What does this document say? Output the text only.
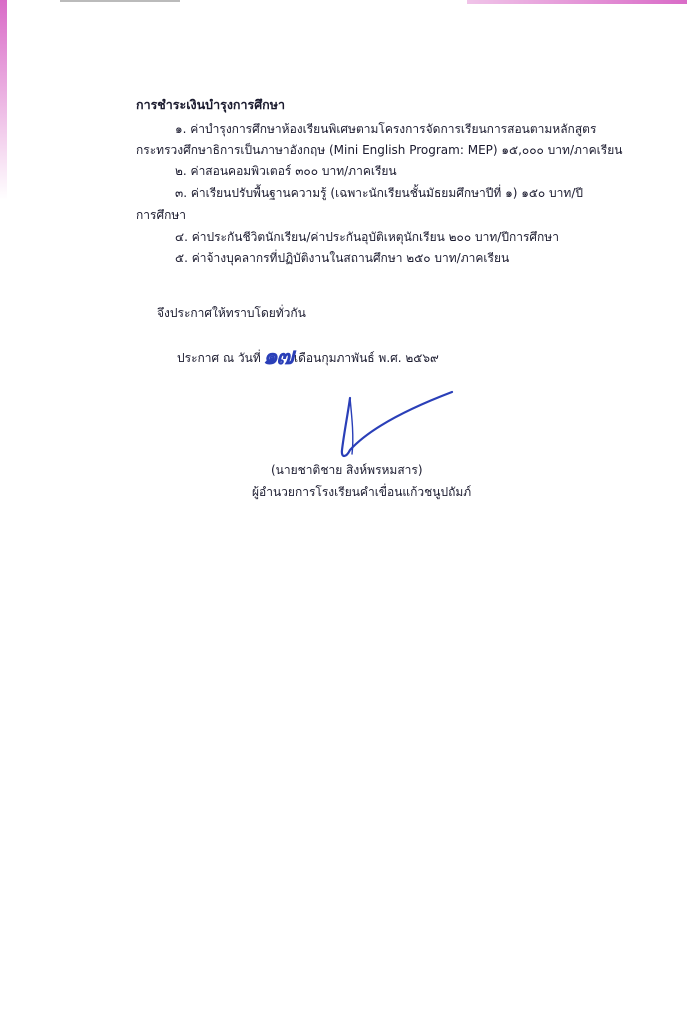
การชำระเงินบำรุงการศึกษา
๑. ค่าบำรุงการศึกษาห้องเรียนพิเศษตามโครงการจัดการเรียนการสอนตามหลักสูตร
กระทรวงศึกษาธิการเป็นภาษาอังกฤษ (Mini English Program: MEP) ๑๕,๐๐๐ บาท/ภาคเรียน
๒. ค่าสอนคอมพิวเตอร์ ๓๐๐ บาท/ภาคเรียน
๓. ค่าเรียนปรับพื้นฐานความรู้ (เฉพาะนักเรียนชั้นมัธยมศึกษาปีที่ ๑) ๑๕๐ บาท/ปี
การศึกษา
๔. ค่าประกันชีวิตนักเรียน/ค่าประกันอุบัติเหตุนักเรียน ๒๐๐ บาท/ปีการศึกษา
๕. ค่าจ้างบุคลากรที่ปฏิบัติงานในสถานศึกษา ๒๕๐ บาท/ภาคเรียน
จึงประกาศให้ทราบโดยทั่วกัน
ประกาศ ณ วันที่ ๑๗ เดือนกุมภาพันธ์ พ.ศ. ๒๕๖๙
(นายชาติชาย สิงห์พรหมสาร)
ผู้อำนวยการโรงเรียนคำเขื่อนแก้วชนูปถัมภ์
